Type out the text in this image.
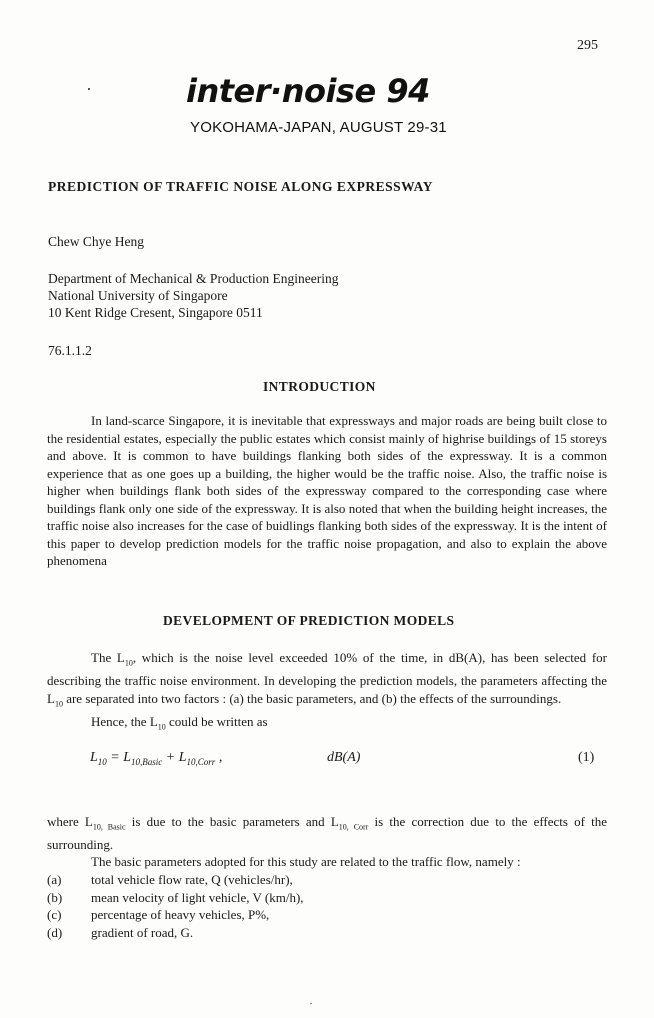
295
inter·noise 94
YOKOHAMA-JAPAN, AUGUST 29-31
PREDICTION OF TRAFFIC NOISE ALONG EXPRESSWAY
Chew Chye Heng
Department of Mechanical & Production Engineering
National University of Singapore
10 Kent Ridge Cresent, Singapore 0511
76.1.1.2
INTRODUCTION
In land-scarce Singapore, it is inevitable that expressways and major roads are being built close to the residential estates, especially the public estates which consist mainly of highrise buildings of 15 storeys and above. It is common to have buildings flanking both sides of the expressway. It is a common experience that as one goes up a building, the higher would be the traffic noise. Also, the traffic noise is higher when buildings flank both sides of the expressway compared to the corresponding case where buildings flank only one side of the expressway. It is also noted that when the building height increases, the traffic noise also increases for the case of buidlings flanking both sides of the expressway. It is the intent of this paper to develop prediction models for the traffic noise propagation, and also to explain the above phenomena
DEVELOPMENT OF PREDICTION MODELS
The $L_{10}$, which is the noise level exceeded 10% of the time, in dB(A), has been selected for describing the traffic noise environment. In developing the prediction models, the parameters affecting the $L_{10}$ are separated into two factors : (a) the basic parameters, and (b) the effects of the surroundings.
Hence, the $L_{10}$ could be written as
$L_{10} = L_{10,Basic} + L_{10,Corr}$ ,	dB(A)	(1)
where $L_{10, Basic}$ is due to the basic parameters and $L_{10, Corr}$ is the correction due to the effects of the surrounding.
The basic parameters adopted for this study are related to the traffic flow, namely :
(a)	total vehicle flow rate, Q (vehicles/hr),
(b)	mean velocity of light vehicle, V (km/h),
(c)	percentage of heavy vehicles, P%,
(d)	gradient of road, G.
